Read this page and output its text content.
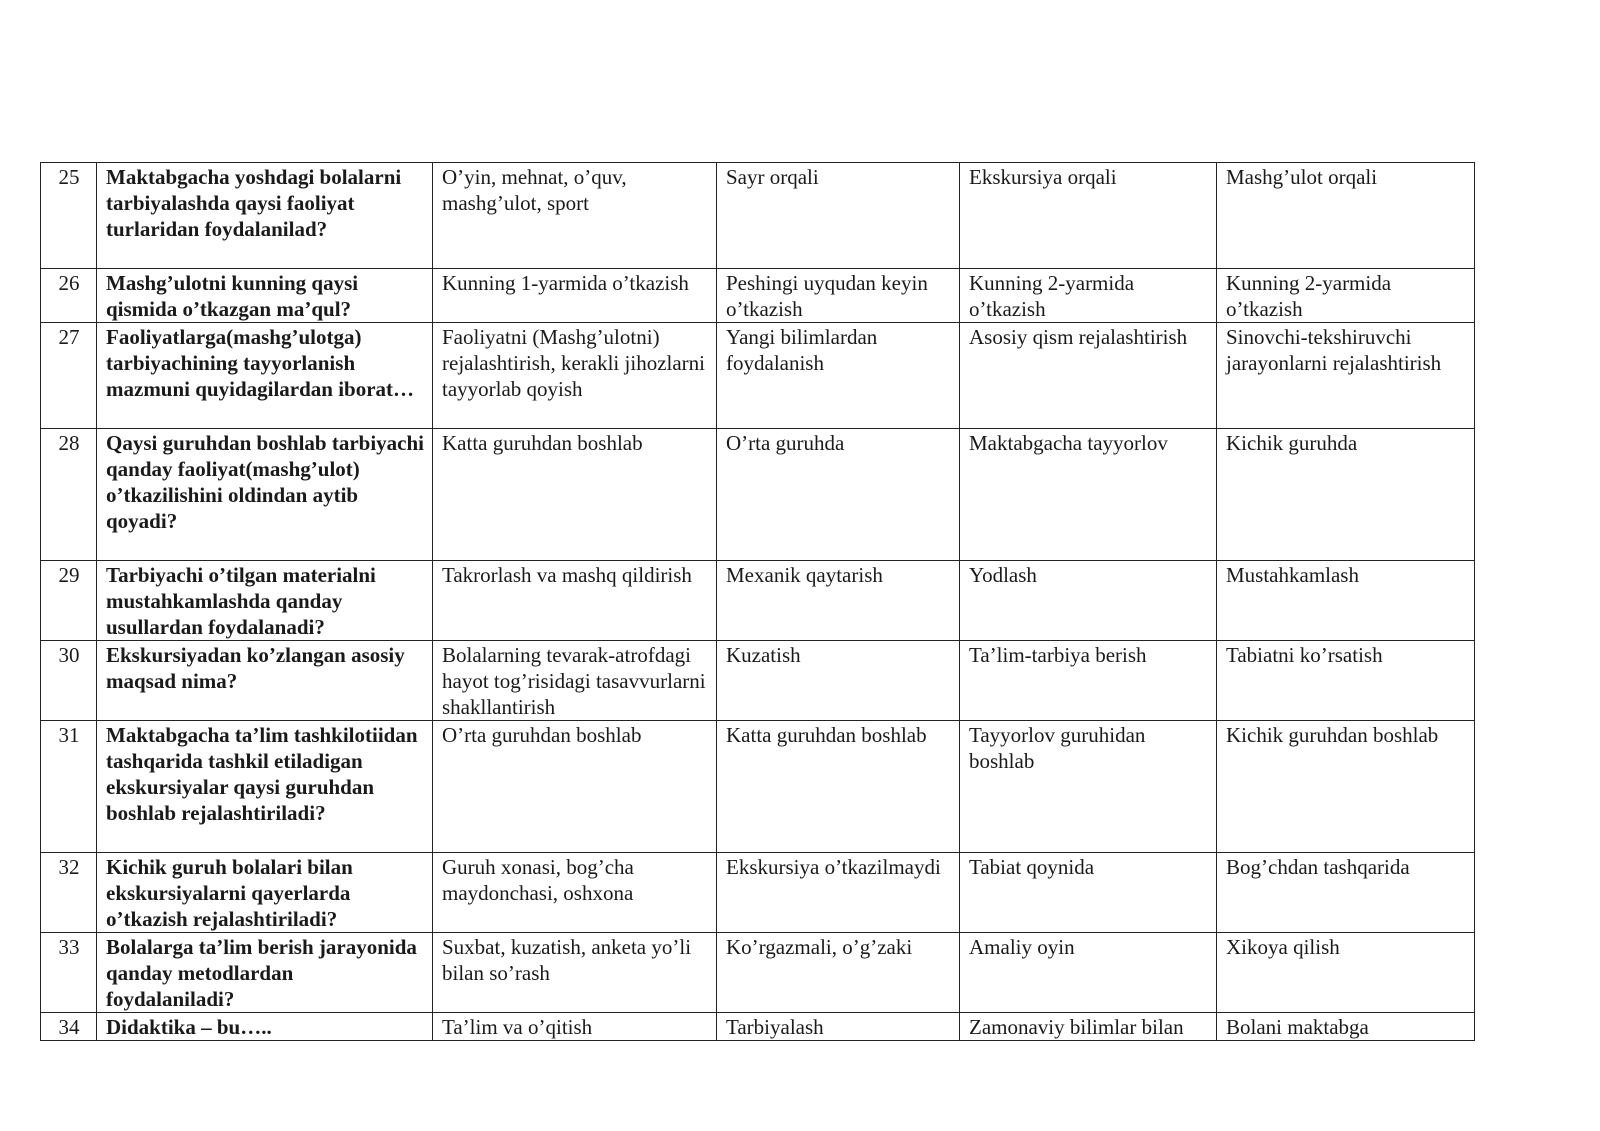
25	Maktabgacha yoshdagi bolalarni tarbiyalashda qaysi faoliyat turlaridan foydalanilad?	O’yin, mehnat, o’quv, mashg’ulot, sport	Sayr orqali	Ekskursiya orqali	Mashg’ulot orqali
26	Mashg’ulotni kunning qaysi qismida o’tkazgan ma’qul?	Kunning 1-yarmida o’tkazish	Peshingi uyqudan keyin o’tkazish	Kunning 2-yarmida o’tkazish	Kunning 2-yarmida o’tkazish
27	Faoliyatlarga(mashg’ulotga) tarbiyachining tayyorlanish mazmuni quyidagilardan iborat…	Faoliyatni (Mashg’ulotni) rejalashtirish, kerakli jihozlarni tayyorlab qoyish	Yangi bilimlardan foydalanish	Asosiy qism rejalashtirish	Sinovchi-tekshiruvchi jarayonlarni rejalashtirish
28	Qaysi guruhdan boshlab tarbiyachi qanday faoliyat(mashg’ulot) o’tkazilishini oldindan aytib qoyadi?	Katta guruhdan boshlab	O’rta guruhda	Maktabgacha tayyorlov	Kichik guruhda
29	Tarbiyachi o’tilgan materialni mustahkamlashda qanday usullardan foydalanadi?	Takrorlash va mashq qildirish	Mexanik qaytarish	Yodlash	Mustahkamlash
30	Ekskursiyadan ko’zlangan asosiy maqsad nima?	Bolalarning tevarak-atrofdagi hayot tog’risidagi tasavvurlarni shakllantirish	Kuzatish	Ta’lim-tarbiya berish	Tabiatni ko’rsatish
31	Maktabgacha ta’lim tashkilotiidan tashqarida tashkil etiladigan ekskursiyalar qaysi guruhdan boshlab rejalashtiriladi?	O’rta guruhdan boshlab	Katta guruhdan boshlab	Tayyorlov guruhidan boshlab	Kichik guruhdan boshlab
32	Kichik guruh bolalari bilan ekskursiyalarni qayerlarda o’tkazish rejalashtiriladi?	Guruh xonasi, bog’cha maydonchasi, oshxona	Ekskursiya o’tkazilmaydi	Tabiat qoynida	Bog’chdan tashqarida
33	Bolalarga ta’lim berish jarayonida qanday metodlardan foydalaniladi?	Suxbat, kuzatish, anketa yo’li bilan so’rash	Ko’rgazmali, o’g’zaki	Amaliy oyin	Xikoya qilish
34	Didaktika – bu…..	Ta’lim va o’qitish	Tarbiyalash	Zamonaviy bilimlar bilan	Bolani maktabga
